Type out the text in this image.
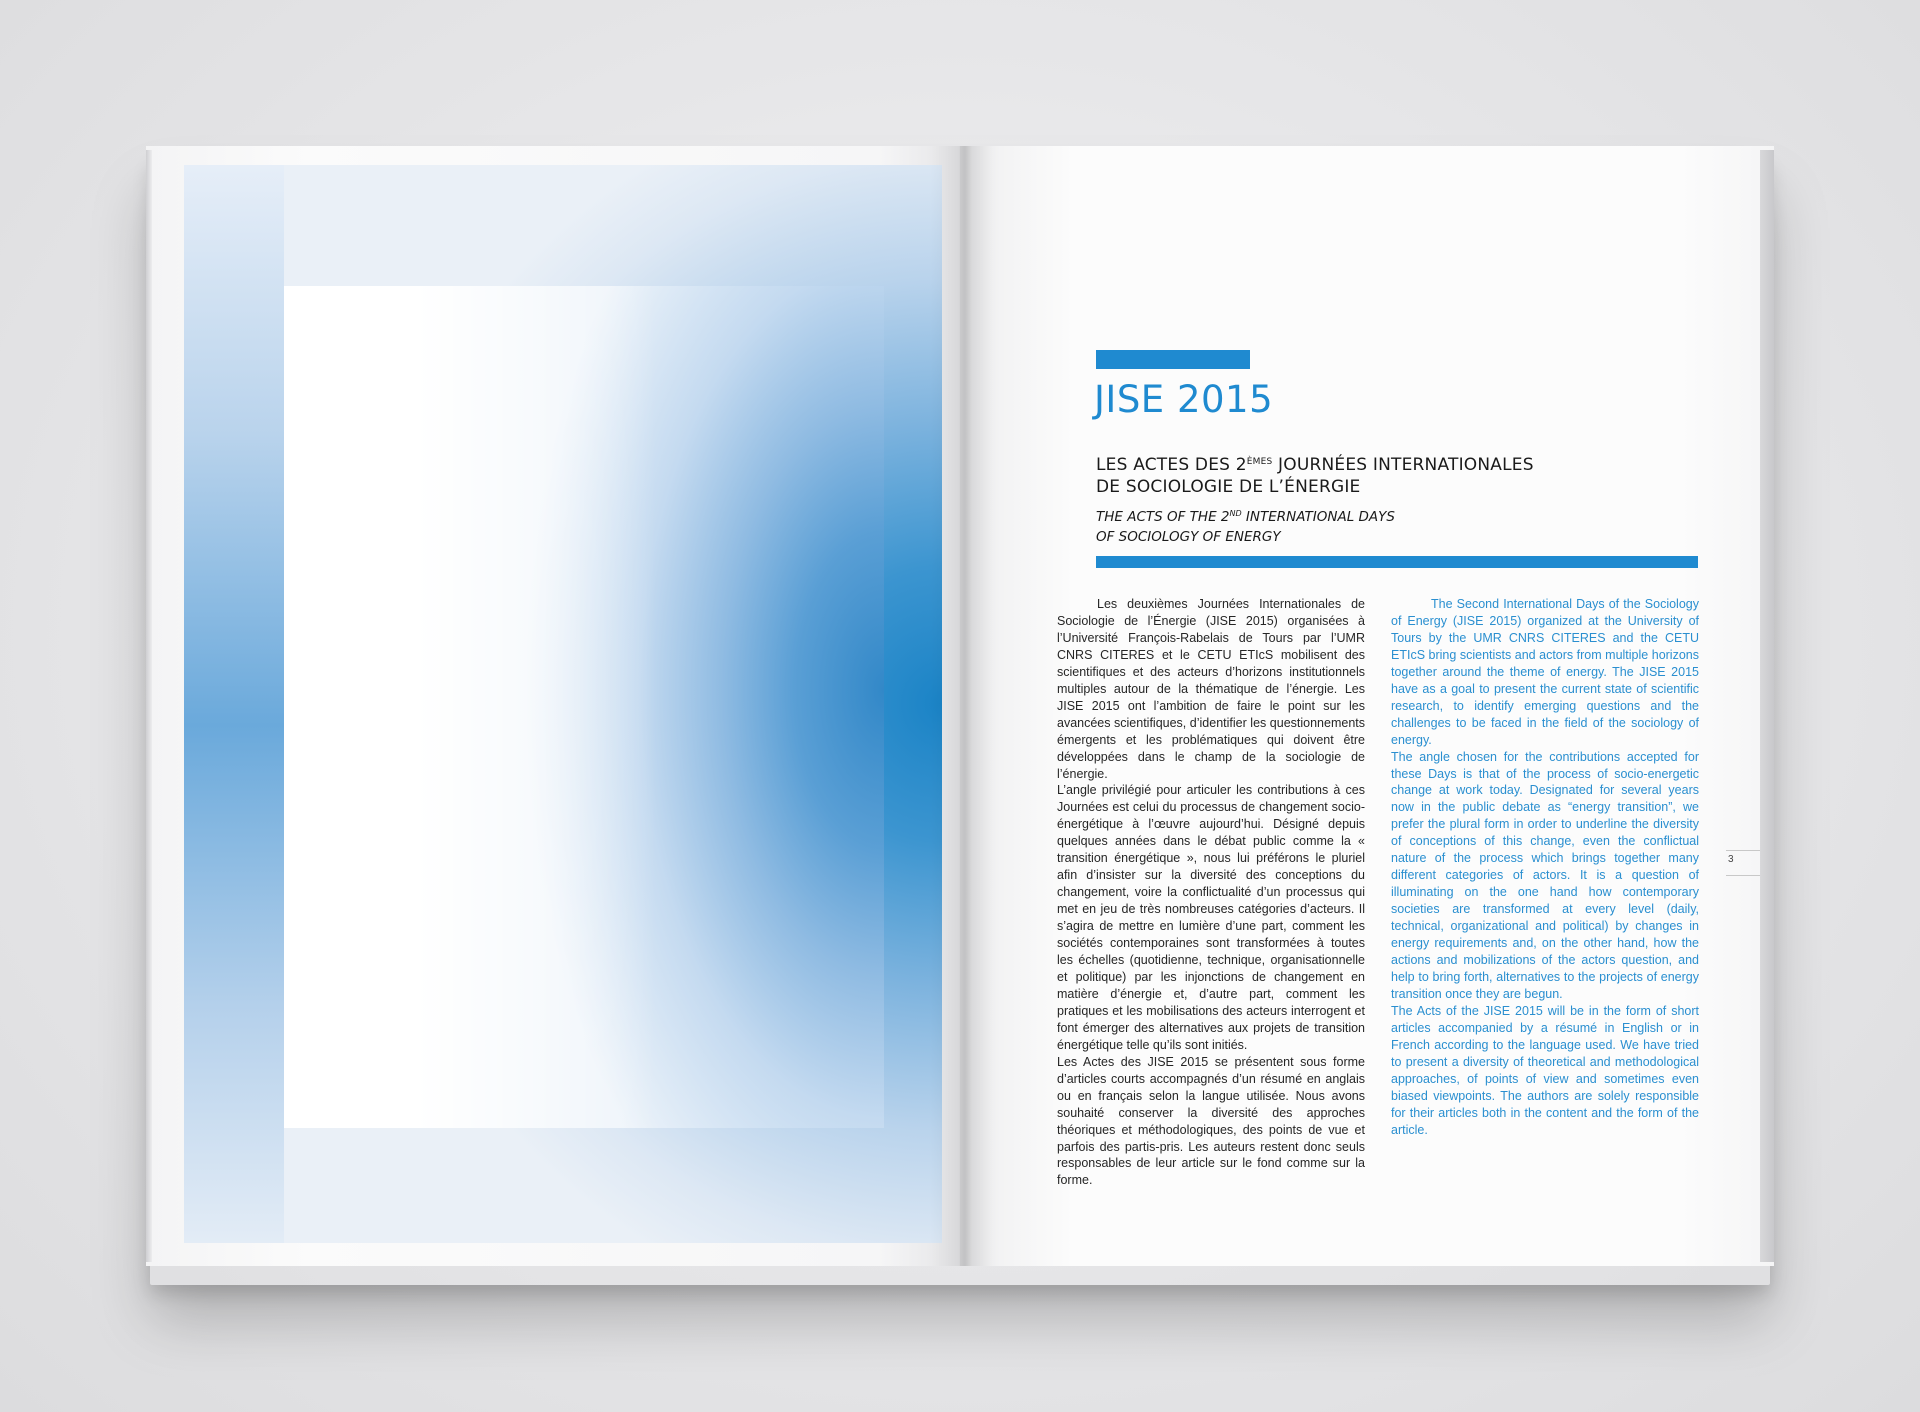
JISE 2015
LES ACTES DES 2ÈMES JOURNÉES INTERNATIONALES
DE SOCIOLOGIE DE L’ÉNERGIE
THE ACTS OF THE 2ND INTERNATIONAL DAYS
OF SOCIOLOGY OF ENERGY

Les deuxièmes Journées Internationales de Sociologie de l’Énergie (JISE 2015) organisées à l’Université François-Rabelais de Tours par l’UMR CNRS CITERES et le CETU ETIcS mobilisent des scientifiques et des acteurs d’horizons institutionnels multiples autour de la thématique de l’énergie. Les JISE 2015 ont l’ambition de faire le point sur les avancées scientifiques, d’identifier les questionnements émergents et les problématiques qui doivent être développées dans le champ de la sociologie de l’énergie.

L’angle privilégié pour articuler les contributions à ces Journées est celui du processus de changement socio-énergétique à l’œuvre aujourd’hui. Désigné depuis quelques années dans le débat public comme la « transition énergétique », nous lui préférons le pluriel afin d’insister sur la diversité des conceptions du changement, voire la conflictualité d’un processus qui met en jeu de très nombreuses catégories d’acteurs. Il s’agira de mettre en lumière d’une part, comment les sociétés contemporaines sont transformées à toutes les échelles (quotidienne, technique, organisationnelle et politique) par les injonctions de changement en matière d’énergie et, d’autre part, comment les pratiques et les mobilisations des acteurs interrogent et font émerger des alternatives aux projets de transition énergétique telle qu’ils sont initiés.

Les Actes des JISE 2015 se présentent sous forme d’articles courts accompagnés d’un résumé en anglais ou en français selon la langue utilisée. Nous avons souhaité conserver la diversité des approches théoriques et méthodologiques, des points de vue et parfois des partis-pris. Les auteurs restent donc seuls responsables de leur article sur le fond comme sur la forme.

The Second International Days of the Sociology of Energy (JISE 2015) organized at the University of Tours by the UMR CNRS CITERES and the CETU ETIcS bring scientists and actors from multiple horizons together around the theme of energy. The JISE 2015 have as a goal to present the current state of scientific research, to identify emerging questions and the challenges to be faced in the field of the sociology of energy.

The angle chosen for the contributions accepted for these Days is that of the process of socio-energetic change at work today. Designated for several years now in the public debate as “energy transition”, we prefer the plural form in order to underline the diversity of conceptions of this change, even the conflictual nature of the process which brings together many different categories of actors. It is a question of illuminating on the one hand how contemporary societies are transformed at every level (daily, technical, organizational and political) by changes in energy requirements and, on the other hand, how the actions and mobilizations of the actors question, and help to bring forth, alternatives to the projects of energy transition once they are begun.

The Acts of the JISE 2015 will be in the form of short articles accompanied by a résumé in English or in French according to the language used. We have tried to present a diversity of theoretical and methodological approaches, of points of view and sometimes even biased viewpoints. The authors are solely responsible for their articles both in the content and the form of the article.

3
